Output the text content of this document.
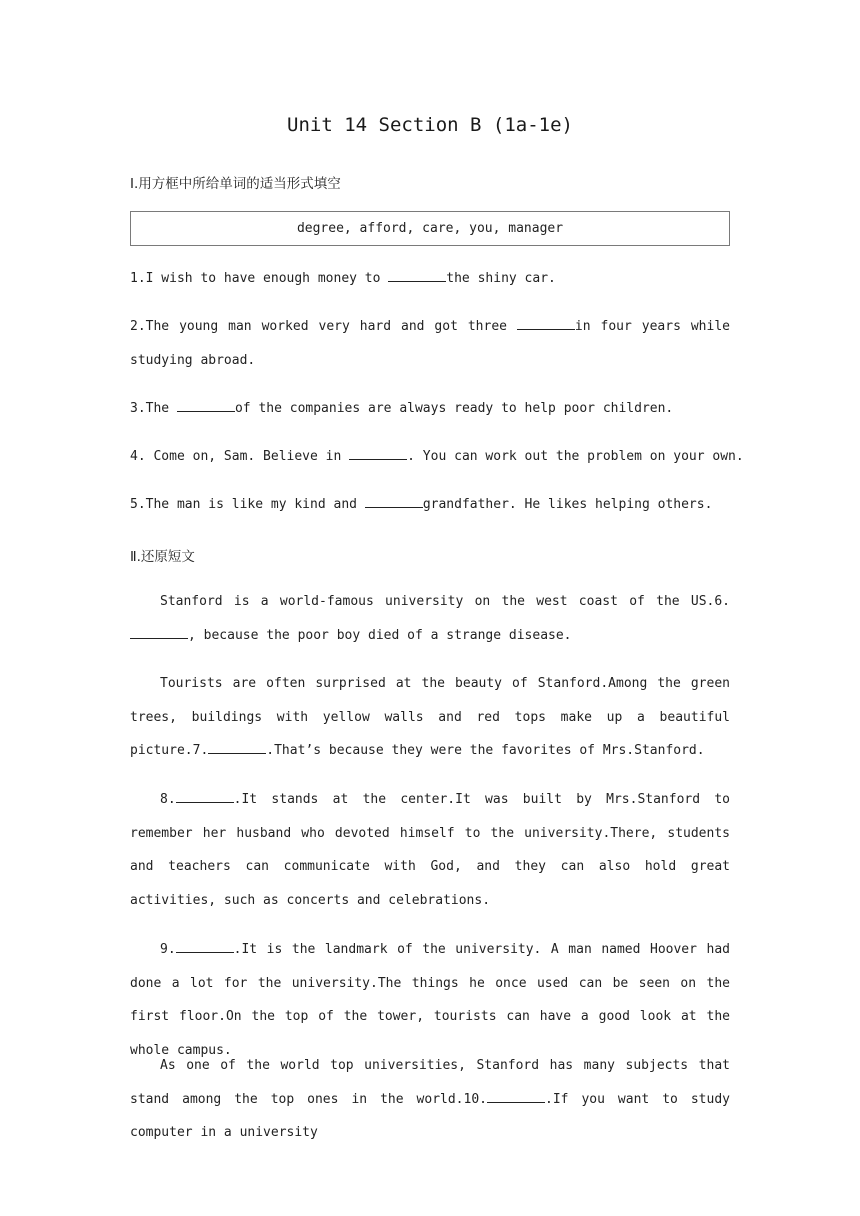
Unit 14 Section B (1a-1e)

Ⅰ.用方框中所给单词的适当形式填空

degree, afford, care, you, manager

1.I wish to have enough money to	the shiny car.

2.The young man worked very hard and got three	in four years while studying abroad.

3.The	of the companies are always ready to help poor children.

4. Come on, Sam. Believe in	. You can work out the problem on your own.

5.The man is like my kind and	grandfather. He likes helping others.

Ⅱ.还原短文

Stanford is a world-famous university on the west coast of the US.6., because the poor boy died of a strange disease.

Tourists are often surprised at the beauty of Stanford.Among the green trees, buildings with yellow walls and red tops make up a beautiful picture.7.	.That’s because they were the favorites of Mrs.Stanford.

8.	.It stands at the center.It was built by Mrs.Stanford to remember her husband who devoted himself to the university.There, students and teachers can communicate with God, and they can also hold great activities, such as concerts and celebrations.

9.	.It is the landmark of the university. A man named Hoover had done a lot for the university.The things he once used can be seen on the first floor.On the top of the tower, tourists can have a good look at the whole campus.

As one of the world top universities, Stanford has many subjects that stand among the top ones in the world.10.	.If you want to study computer in a university
